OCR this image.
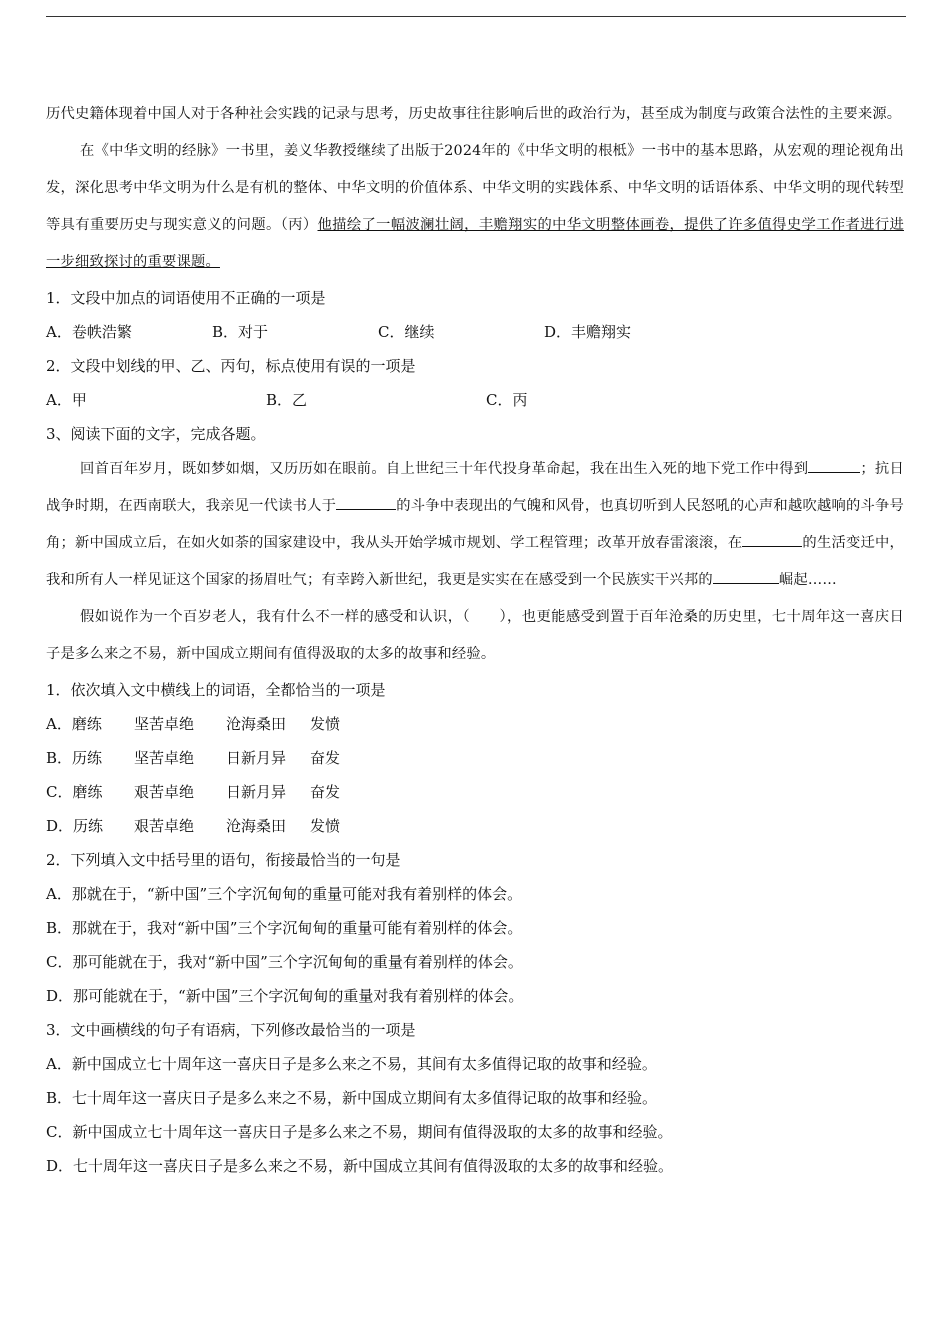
历代史籍体现着中国人对于各种社会实践的记录与思考，历史故事往往影响后世的政治行为，甚至成为制度与政策合法性的主要来源。

在《中华文明的经脉》一书里，姜义华教授继续了出版于2024年的《中华文明的根柢》一书中的基本思路，从宏观的理论视角出发，深化思考中华文明为什么是有机的整体、中华文明的价值体系、中华文明的实践体系、中华文明的话语体系、中华文明的现代转型等具有重要历史与现实意义的问题。（丙）他描绘了一幅波澜壮阔，丰赡翔实的中华文明整体画卷，提供了许多值得史学工作者进行进一步细致探讨的重要课题。

1．文段中加点的词语使用不正确的一项是

A．卷帙浩繁	B．对于	C．继续	D．丰赡翔实

2．文段中划线的甲、乙、丙句，标点使用有误的一项是

A．甲	B．乙	C．丙

3、阅读下面的文字，完成各题。

回首百年岁月，既如梦如烟，又历历如在眼前。自上世纪三十年代投身革命起，我在出生入死的地下党工作中得到	；抗日战争时期，在西南联大，我亲见一代读书人于	的斗争中表现出的气魄和风骨，也真切听到人民怒吼的心声和越吹越响的斗争号角；新中国成立后，在如火如荼的国家建设中，我从头开始学城市规划、学工程管理；改革开放春雷滚滚，在	的生活变迁中，我和所有人一样见证这个国家的扬眉吐气；有幸跨入新世纪，我更是实实在在感受到一个民族实干兴邦的	崛起……

假如说作为一个百岁老人，我有什么不一样的感受和认识，（　　），也更能感受到置于百年沧桑的历史里，七十周年这一喜庆日子是多么来之不易，新中国成立期间有值得汲取的太多的故事和经验。

1．依次填入文中横线上的词语，全都恰当的一项是

A．磨练	坚苦卓绝	沧海桑田	发愤
B．历练	坚苦卓绝	日新月异	奋发
C．磨练	艰苦卓绝	日新月异	奋发
D．历练	艰苦卓绝	沧海桑田	发愤

2．下列填入文中括号里的语句，衔接最恰当的一句是

A．那就在于，“新中国”三个字沉甸甸的重量可能对我有着别样的体会。

B．那就在于，我对“新中国”三个字沉甸甸的重量可能有着别样的体会。

C．那可能就在于，我对“新中国”三个字沉甸甸的重量有着别样的体会。

D．那可能就在于，“新中国”三个字沉甸甸的重量对我有着别样的体会。

3．文中画横线的句子有语病，下列修改最恰当的一项是

A．新中国成立七十周年这一喜庆日子是多么来之不易，其间有太多值得记取的故事和经验。

B．七十周年这一喜庆日子是多么来之不易，新中国成立期间有太多值得记取的故事和经验。

C．新中国成立七十周年这一喜庆日子是多么来之不易，期间有值得汲取的太多的故事和经验。

D．七十周年这一喜庆日子是多么来之不易，新中国成立其间有值得汲取的太多的故事和经验。
